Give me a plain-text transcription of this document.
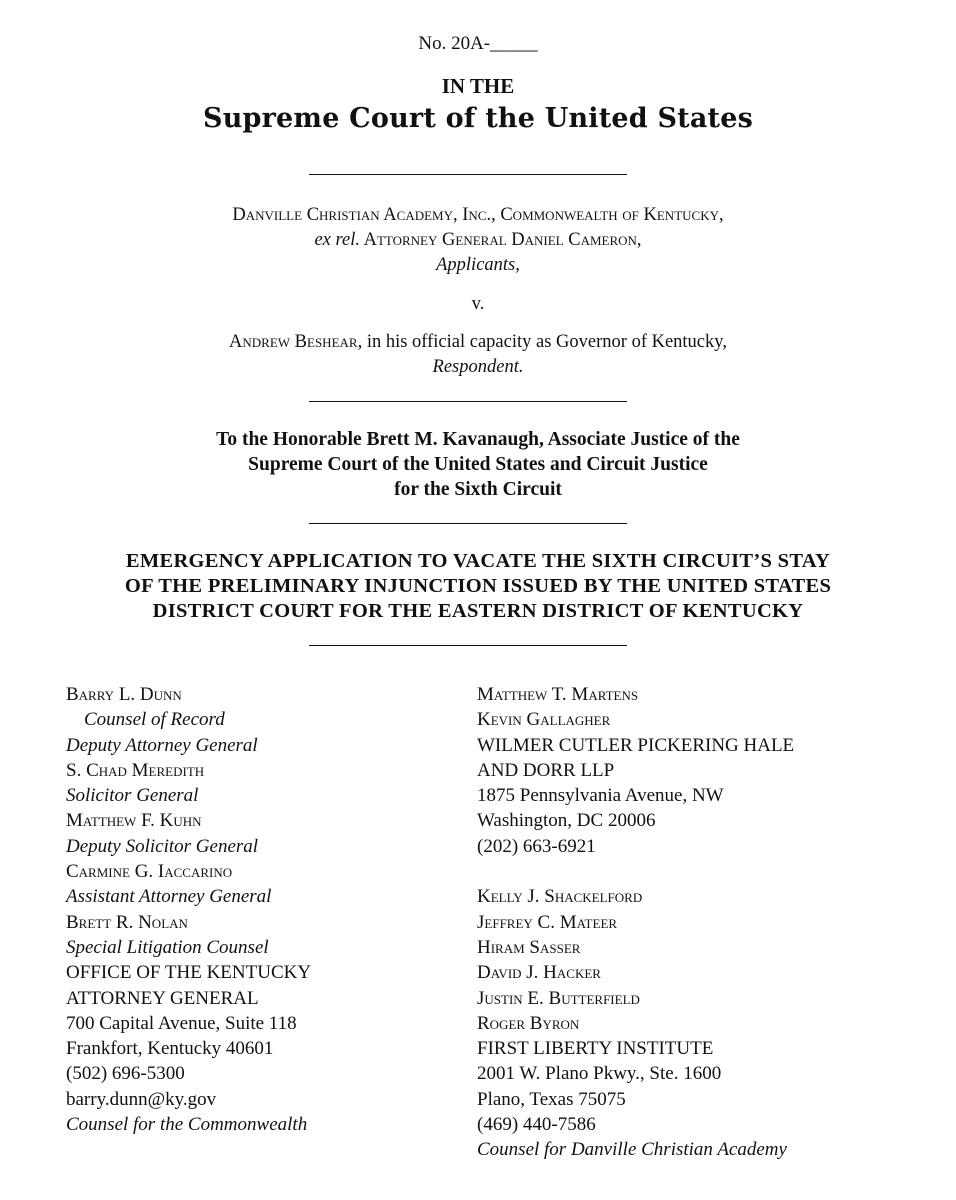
No. 20A-_____
IN THE
Supreme Court of the United States
Danville Christian Academy, Inc., Commonwealth of Kentucky,
ex rel. Attorney General Daniel Cameron,
Applicants,
v.
Andrew Beshear, in his official capacity as Governor of Kentucky,
Respondent.
To the Honorable Brett M. Kavanaugh, Associate Justice of the
Supreme Court of the United States and Circuit Justice
for the Sixth Circuit
EMERGENCY APPLICATION TO VACATE THE SIXTH CIRCUIT’S STAY
OF THE PRELIMINARY INJUNCTION ISSUED BY THE UNITED STATES
DISTRICT COURT FOR THE EASTERN DISTRICT OF KENTUCKY
Barry L. Dunn
Counsel of Record
Deputy Attorney General
S. Chad Meredith
Solicitor General
Matthew F. Kuhn
Deputy Solicitor General
Carmine G. Iaccarino
Assistant Attorney General
Brett R. Nolan
Special Litigation Counsel
OFFICE OF THE KENTUCKY
ATTORNEY GENERAL
700 Capital Avenue, Suite 118
Frankfort, Kentucky 40601
(502) 696-5300
barry.dunn@ky.gov
Counsel for the Commonwealth
Matthew T. Martens
Kevin Gallagher
WILMER CUTLER PICKERING HALE
AND DORR LLP
1875 Pennsylvania Avenue, NW
Washington, DC 20006
(202) 663-6921
Kelly J. Shackelford
Jeffrey C. Mateer
Hiram Sasser
David J. Hacker
Justin E. Butterfield
Roger Byron
FIRST LIBERTY INSTITUTE
2001 W. Plano Pkwy., Ste. 1600
Plano, Texas 75075
(469) 440-7586
Counsel for Danville Christian Academy
